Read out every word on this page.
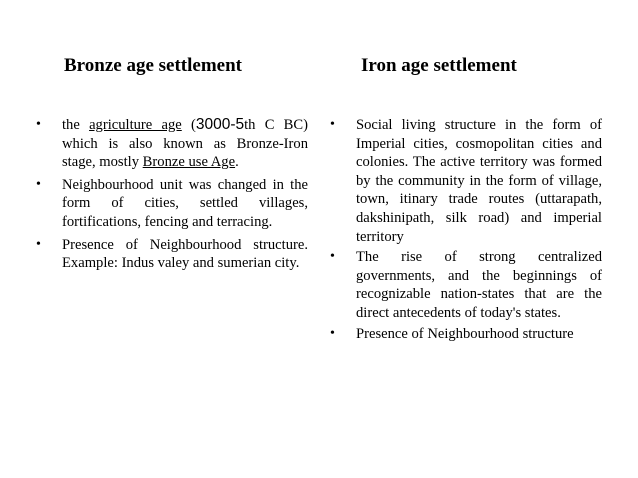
Bronze age settlement	Iron age settlement
• the agriculture age (3000-5th C BC) which is also known as Bronze-Iron stage, mostly Bronze use Age.
• Neighbourhood unit was changed in the form of cities, settled villages, fortifications, fencing and terracing.
• Presence of Neighbourhood structure. Example: Indus valey and sumerian city.
• Social living structure in the form of Imperial cities, cosmopolitan cities and colonies. The active territory was formed by the community in the form of village, town, itinary trade routes (uttarapath, dakshinipath, silk road) and imperial territory
• The rise of strong centralized governments, and the beginnings of recognizable nation-states that are the direct antecedents of today's states.
• Presence of Neighbourhood structure
